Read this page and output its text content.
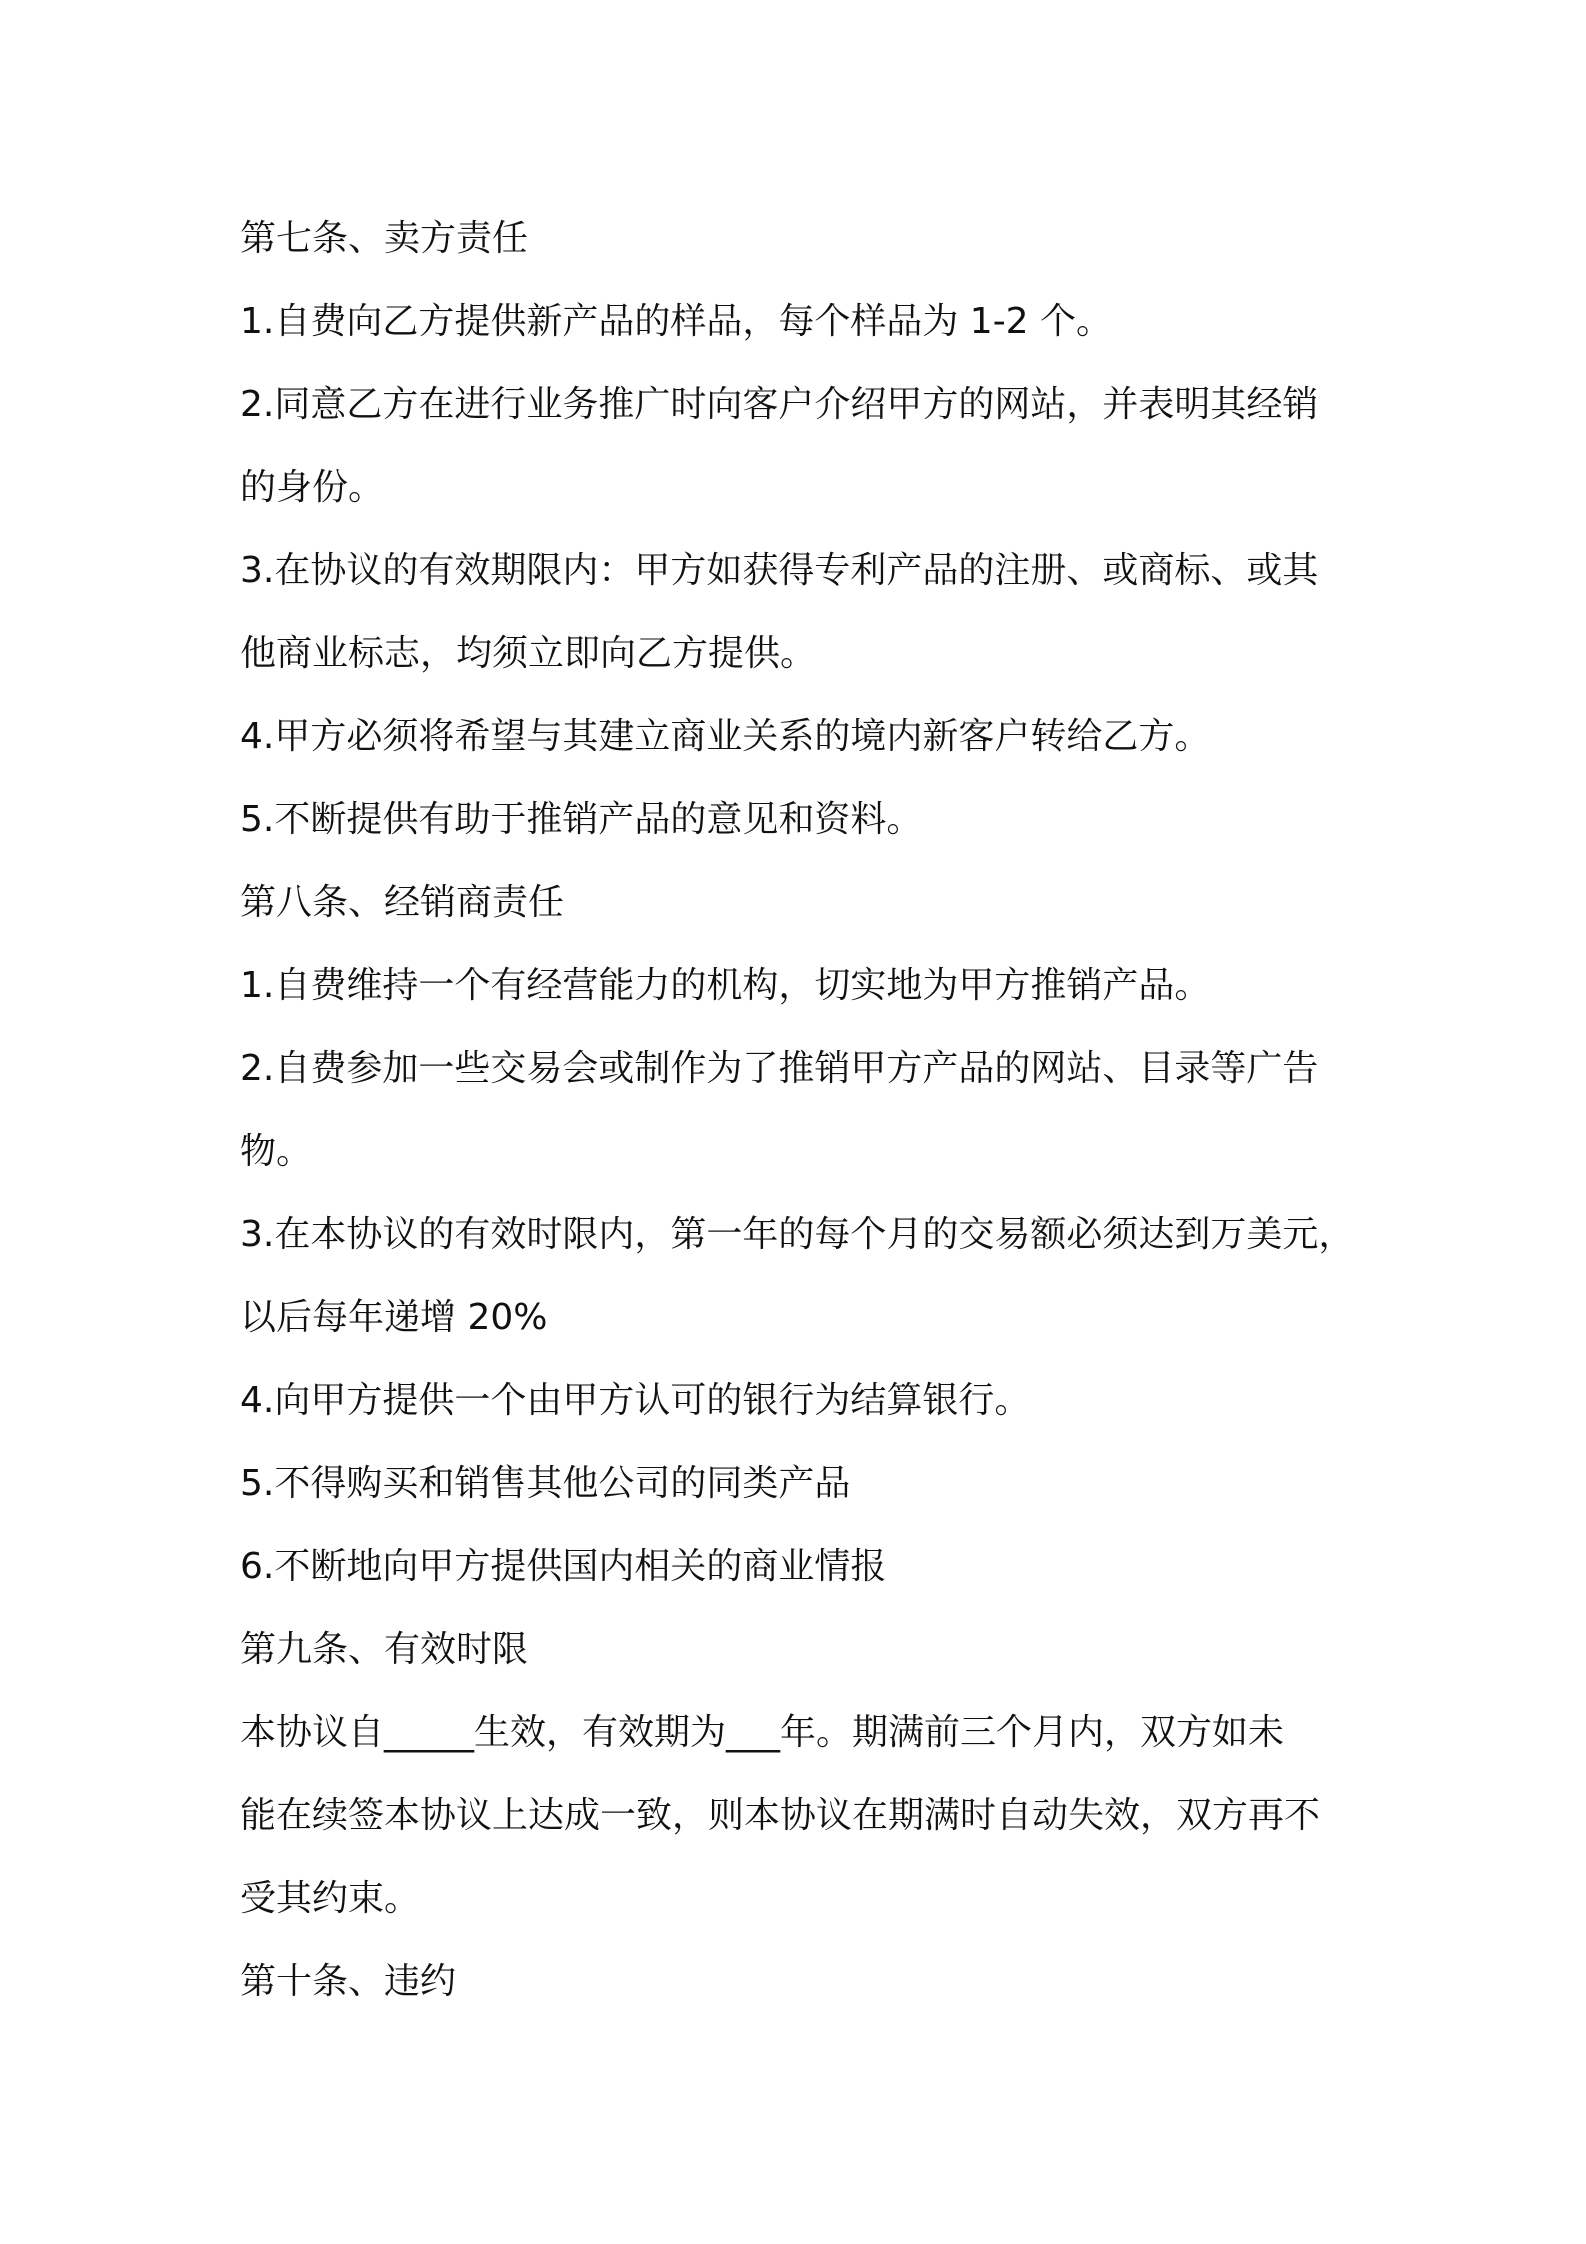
第七条、卖方责任

1.自费向乙方提供新产品的样品，每个样品为 1-2 个。

2.同意乙方在进行业务推广时向客户介绍甲方的网站，并表明其经销

的身份。

3.在协议的有效期限内：甲方如获得专利产品的注册、或商标、或其

他商业标志，均须立即向乙方提供。

4.甲方必须将希望与其建立商业关系的境内新客户转给乙方。

5.不断提供有助于推销产品的意见和资料。

第八条、经销商责任

1.自费维持一个有经营能力的机构，切实地为甲方推销产品。

2.自费参加一些交易会或制作为了推销甲方产品的网站、目录等广告

物。

3.在本协议的有效时限内，第一年的每个月的交易额必须达到万美元，

以后每年递增 20%

4.向甲方提供一个由甲方认可的银行为结算银行。

5.不得购买和销售其他公司的同类产品

6.不断地向甲方提供国内相关的商业情报

第九条、有效时限

本协议自_____生效，有效期为___年。期满前三个月内，双方如未

能在续签本协议上达成一致，则本协议在期满时自动失效，双方再不

受其约束。

第十条、违约
